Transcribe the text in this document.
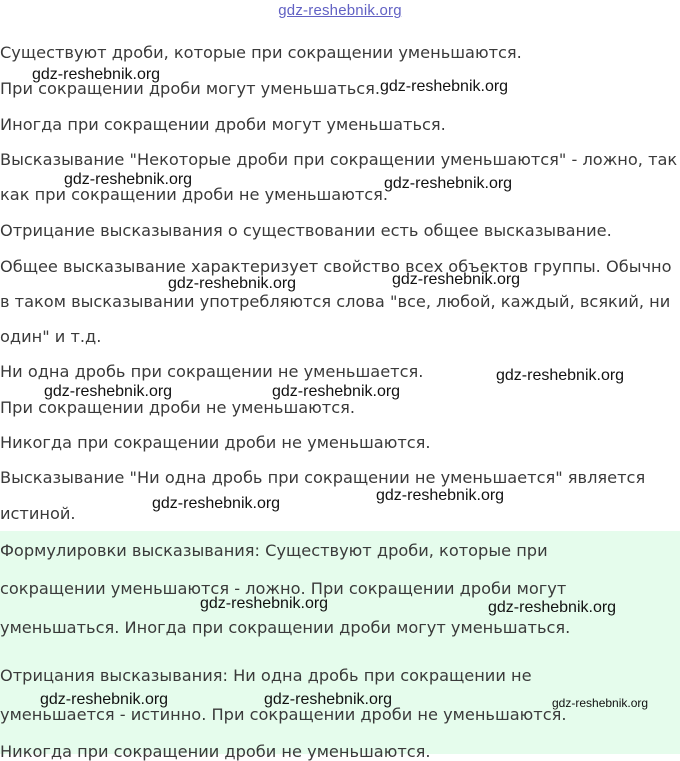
gdz-reshebnik.org
Существуют дроби, которые при сокращении уменьшаются.
При сокращении дроби могут уменьшаться.
Иногда при сокращении дроби могут уменьшаться.
Высказывание "Некоторые дроби при сокращении уменьшаются" - ложно, так
как при сокращении дроби не уменьшаются.
Отрицание высказывания о существовании есть общее высказывание.
Общее высказывание характеризует свойство всех объектов группы. Обычно
в таком высказывании употребляются слова "все, любой, каждый, всякий, ни
один" и т.д.
Ни одна дробь при сокращении не уменьшается.
При сокращении дроби не уменьшаются.
Никогда при сокращении дроби не уменьшаются.
Высказывание "Ни одна дробь при сокращении не уменьшается" является
истиной.
Формулировки высказывания: Существуют дроби, которые при
сокращении уменьшаются - ложно. При сокращении дроби могут
уменьшаться. Иногда при сокращении дроби могут уменьшаться.
Отрицания высказывания: Ни одна дробь при сокращении не
уменьшается - истинно. При сокращении дроби не уменьшаются.
Никогда при сокращении дроби не уменьшаются.
gdz-reshebnik.org
gdz-reshebnik.org
gdz-reshebnik.org	gdz-reshebnik.org
gdz-reshebnik.org	gdz-reshebnik.org
gdz-reshebnik.org
gdz-reshebnik.org	gdz-reshebnik.org
gdz-reshebnik.org
gdz-reshebnik.org
gdz-reshebnik.org	gdz-reshebnik.org
gdz-reshebnik.org	gdz-reshebnik.org	gdz-reshebnik.org
